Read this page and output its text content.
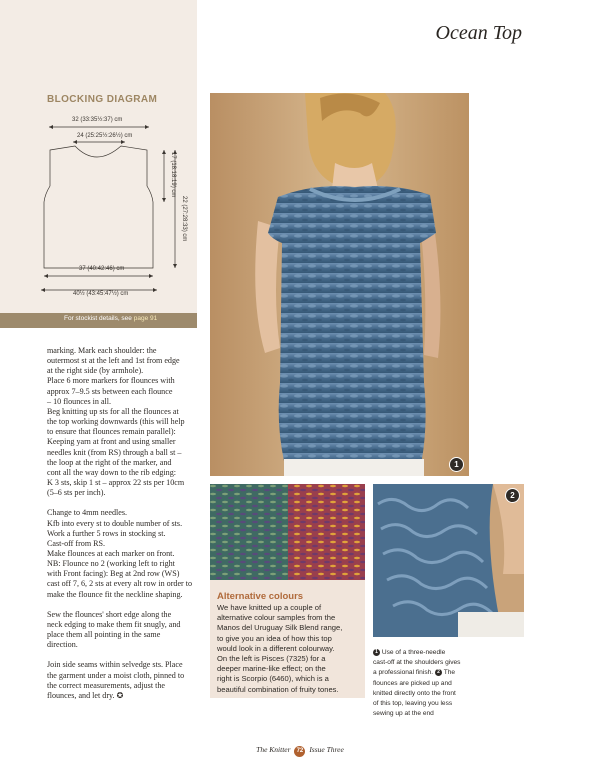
Ocean Top
BLOCKING DIAGRAM
32 (33:35½:37) cm
24 (25:25½:26½) cm
37 (40:42:46) cm
40½ (43:45:47½) cm
17 (18:18:19) cm
22 (27:28:33) cm
For stockist details, see page 91
1
2
Alternative colours
We have knitted up a couple of
alternative colour samples from the
Manos del Uruguay Silk Blend range,
to give you an idea of how this top
would look in a different colourway.
On the left is Pisces (7325) for a
deeper marine-like effect; on the
right is Scorpio (6460), which is a
beautiful combination of fruity tones.
1 Use of a three-needle
cast-off at the shoulders gives
a professional finish. 2 The
flounces are picked up and
knitted directly onto the front
of this top, leaving you less
sewing up at the end

marking. Mark each shoulder: the
outermost st at the left and 1st from edge
at the right side (by armhole).
Place 6 more markers for flounces with
approx 7–9.5 sts between each flounce
– 10 flounces in all.
Beg knitting up sts for all the flounces at
the top working downwards (this will help
to ensure that flounces remain parallel):
Keeping yarn at front and using smaller
needles knit (from RS) through a ball st –
the loop at the right of the marker, and
cont all the way down to the rib edging:
K 3 sts, skip 1 st – approx 22 sts per 10cm
(5–6 sts per inch).

Change to 4mm needles.
Kfb into every st to double number of sts.
Work a further 5 rows in stocking st.
Cast-off from RS.
Make flounces at each marker on front.
NB: Flounce no 2 (working left to right
with Front facing): Beg at 2nd row (WS)
cast off 7, 6, 2 sts at every alt row in order to
make the flounce fit the neckline shaping.

Sew the flounces' short edge along the
neck edging to make them fit snugly, and
place them all pointing in the same
direction.

Join side seams within selvedge sts. Place
the garment under a moist cloth, pinned to
the correct measurements, adjust the
flounces, and let dry. ✪

The Knitter 72 Issue Three
